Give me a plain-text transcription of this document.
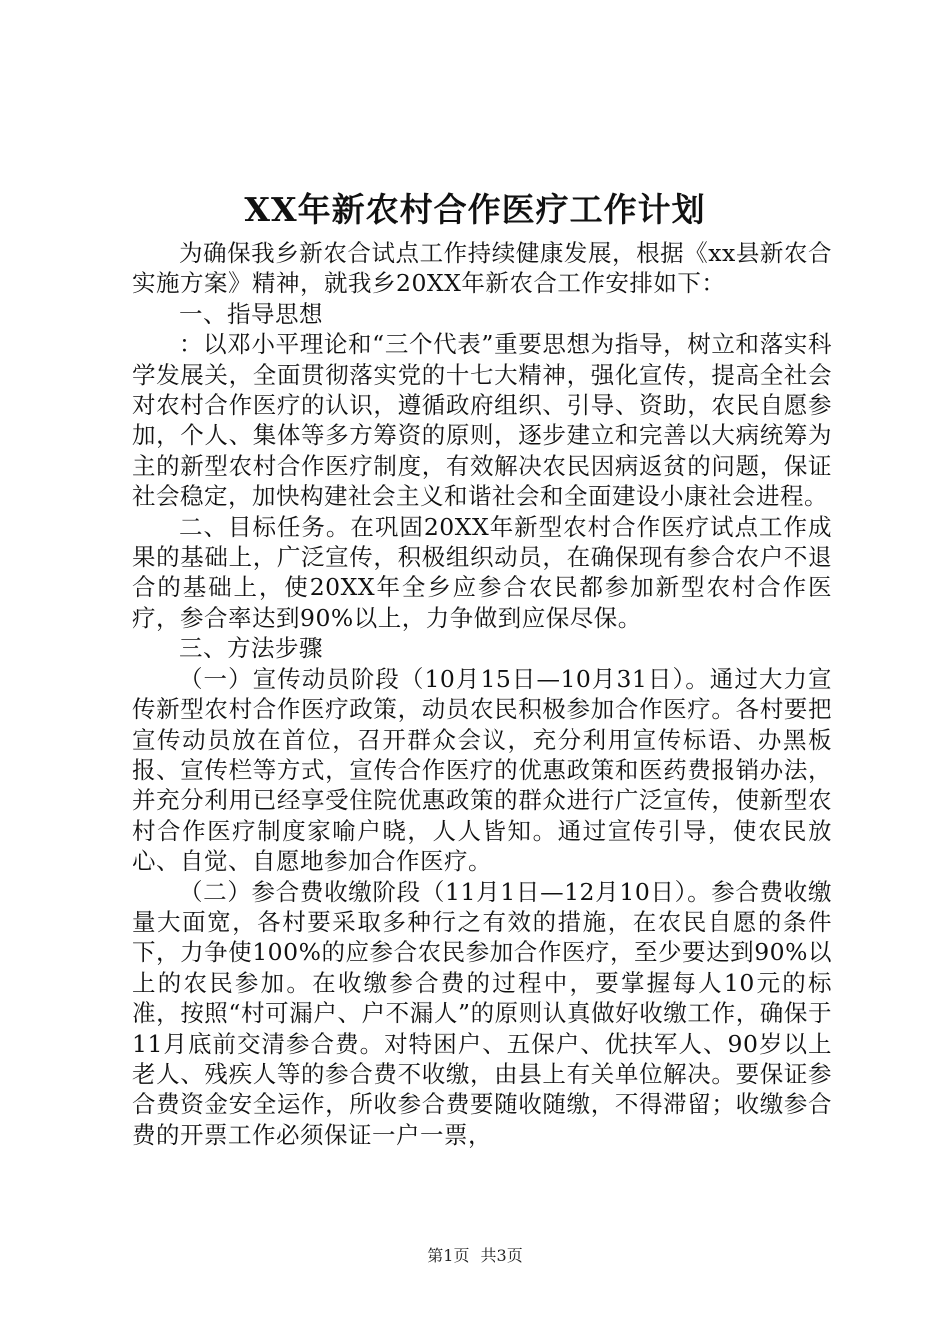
XX年新农村合作医疗工作计划

为确保我乡新农合试点工作持续健康发展，根据《xx县新农合实施方案》精神，就我乡20XX年新农合工作安排如下：

一、指导思想

：以邓小平理论和“三个代表”重要思想为指导，树立和落实科学发展关，全面贯彻落实党的十七大精神，强化宣传，提高全社会对农村合作医疗的认识，遵循政府组织、引导、资助，农民自愿参加，个人、集体等多方筹资的原则，逐步建立和完善以大病统筹为主的新型农村合作医疗制度，有效解决农民因病返贫的问题，保证社会稳定，加快构建社会主义和谐社会和全面建设小康社会进程。

二、目标任务。在巩固20XX年新型农村合作医疗试点工作成果的基础上，广泛宣传，积极组织动员，在确保现有参合农户不退合的基础上，使20XX年全乡应参合农民都参加新型农村合作医疗，参合率达到90%以上，力争做到应保尽保。

三、方法步骤

（一）宣传动员阶段（10月15日—10月31日）。通过大力宣传新型农村合作医疗政策，动员农民积极参加合作医疗。各村要把宣传动员放在首位，召开群众会议，充分利用宣传标语、办黑板报、宣传栏等方式，宣传合作医疗的优惠政策和医药费报销办法，并充分利用已经享受住院优惠政策的群众进行广泛宣传，使新型农村合作医疗制度家喻户晓，人人皆知。通过宣传引导，使农民放心、自觉、自愿地参加合作医疗。

（二）参合费收缴阶段（11月1日—12月10日）。参合费收缴量大面宽，各村要采取多种行之有效的措施，在农民自愿的条件下，力争使100%的应参合农民参加合作医疗，至少要达到90%以上的农民参加。在收缴参合费的过程中，要掌握每人10元的标准，按照“村可漏户、户不漏人”的原则认真做好收缴工作，确保于11月底前交清参合费。对特困户、五保户、优扶军人、90岁以上老人、残疾人等的参合费不收缴，由县上有关单位解决。要保证参合费资金安全运作，所收参合费要随收随缴，不得滞留；收缴参合费的开票工作必须保证一户一票，

第1页 共3页
